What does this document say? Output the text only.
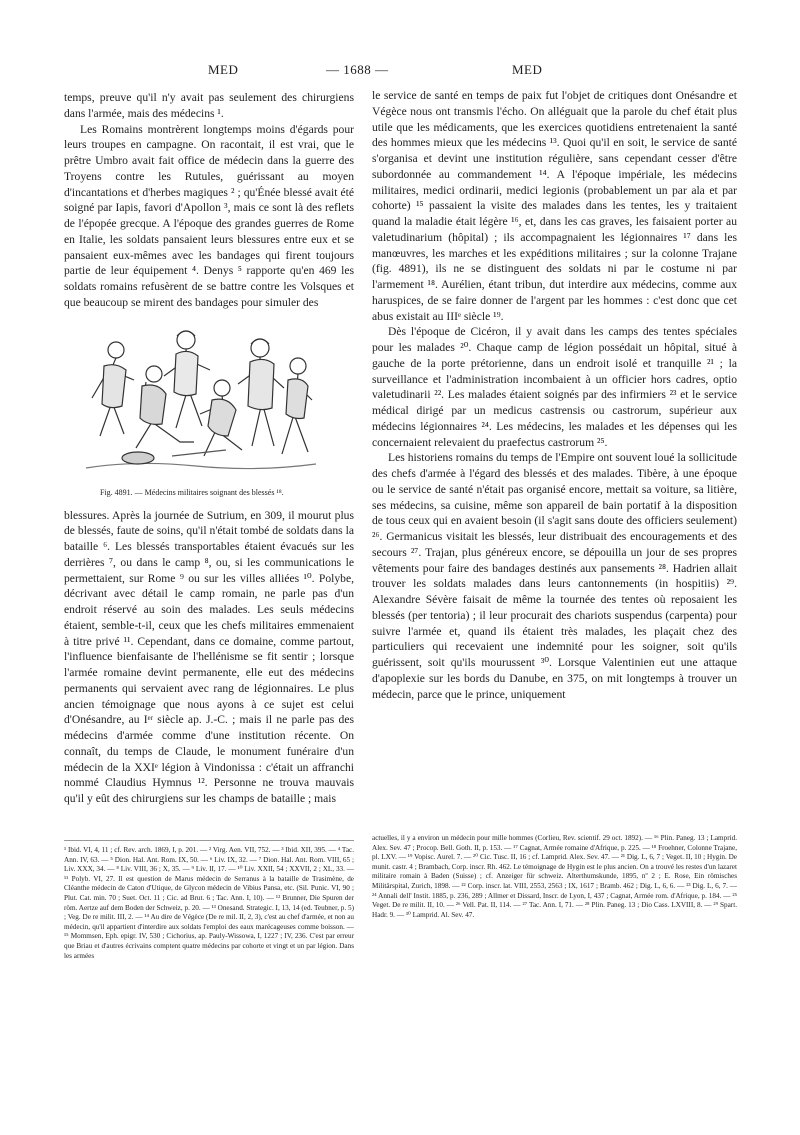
MED	— 1688 —	MED

temps, preuve qu'il n'y avait pas seulement des chirurgiens dans l'armée, mais des médecins ¹.

Les Romains montrèrent longtemps moins d'égards pour leurs troupes en campagne. On racontait, il est vrai, que le prêtre Umbro avait fait office de médecin dans la guerre des Troyens contre les Rutules, guérissant au moyen d'incantations et d'herbes magiques ² ; qu'Énée blessé avait été soigné par Iapis, favori d'Apollon ³, mais ce sont là des reflets de l'épopée grecque. A l'époque des grandes guerres de Rome en Italie, les soldats pansaient leurs blessures entre eux et se pansaient eux-mêmes avec les bandages qui firent toujours partie de leur équipement ⁴. Denys ⁵ rapporte qu'en 469 les soldats romains refusèrent de se battre contre les Volsques et que beaucoup se mirent des bandages pour simuler des

Fig. 4891. — Médecins militaires soignant des blessés ¹⁸.

blessures. Après la journée de Sutrium, en 309, il mourut plus de blessés, faute de soins, qu'il n'était tombé de soldats dans la bataille ⁶. Les blessés transportables étaient évacués sur les derrières ⁷, ou dans le camp ⁸, ou, si les communications le permettaient, sur Rome ⁹ ou sur les villes alliées ¹⁰. Polybe, décrivant avec détail le camp romain, ne parle pas d'un endroit réservé au soin des malades. Les seuls médecins étaient, semble-t-il, ceux que les chefs militaires emmenaient à titre privé ¹¹. Cependant, dans ce domaine, comme partout, l'influence bienfaisante de l'hellénisme se fit sentir ; lorsque l'armée romaine devint permanente, elle eut des médecins permanents qui servaient avec rang de légionnaires. Le plus ancien témoignage que nous ayons à ce sujet est celui d'Onésandre, au Iᵉʳ siècle ap. J.-C. ; mais il ne parle pas des médecins d'armée comme d'une institution récente. On connaît, du temps de Claude, le monument funéraire d'un médecin de la XXIᵉ légion à Vindonissa : c'était un affranchi nommé Claudius Hymnus ¹². Personne ne trouva mauvais qu'il y eût des chirurgiens sur les champs de bataille ; mais

le service de santé en temps de paix fut l'objet de critiques dont Onésandre et Végèce nous ont transmis l'écho. On alléguait que la parole du chef était plus utile que les médicaments, que les exercices quotidiens entretenaient la santé des hommes mieux que les médecins ¹³. Quoi qu'il en soit, le service de santé s'organisa et devint une institution régulière, sans cependant cesser d'être subordonnée au commandement ¹⁴. A l'époque impériale, les médecins militaires, medici ordinarii, medici legionis (probablement un par ala et par cohorte) ¹⁵ passaient la visite des malades dans les tentes, les y traitaient quand la maladie était légère ¹⁶, et, dans les cas graves, les faisaient porter au valetudinarium (hôpital) ; ils accompagnaient les légionnaires ¹⁷ dans les manœuvres, les marches et les expéditions militaires ; sur la colonne Trajane (fig. 4891), ils ne se distinguent des soldats ni par le costume ni par l'armement ¹⁸. Aurélien, étant tribun, dut interdire aux médecins, comme aux haruspices, de se faire donner de l'argent par les hommes : c'est donc que cet abus existait au IIIᵉ siècle ¹⁹.

Dès l'époque de Cicéron, il y avait dans les camps des tentes spéciales pour les malades ²⁰. Chaque camp de légion possédait un hôpital, situé à gauche de la porte prétorienne, dans un endroit isolé et tranquille ²¹ ; la surveillance et l'administration incombaient à un officier hors cadres, optio valetudinarii ²². Les malades étaient soignés par des infirmiers ²³ et le service médical dirigé par un medicus castrensis ou castrorum, supérieur aux médecins légionnaires ²⁴. Les médecins, les malades et les dépenses qui les concernaient relevaient du praefectus castrorum ²⁵.

Les historiens romains du temps de l'Empire ont souvent loué la sollicitude des chefs d'armée à l'égard des blessés et des malades. Tibère, à une époque ou le service de santé n'était pas organisé encore, mettait sa voiture, sa litière, ses médecins, sa cuisine, même son appareil de bain portatif à la disposition de tous ceux qui en avaient besoin (il s'agit sans doute des officiers seulement) ²⁶. Germanicus visitait les blessés, leur distribuait des encouragements et des secours ²⁷. Trajan, plus généreux encore, se dépouilla un jour de ses propres vêtements pour faire des bandages destinés aux pansements ²⁸. Hadrien allait trouver les soldats malades dans leurs cantonnements (in hospitiis) ²⁹. Alexandre Sévère faisait de même la tournée des tentes où reposaient les blessés (per tentoria) ; il leur procurait des chariots suspendus (carpenta) pour suivre l'armée et, quand ils étaient très malades, les plaçait chez des particuliers qui recevaient une indemnité pour les soigner, soit qu'ils guérissent, soit qu'ils mourussent ³⁰. Lorsque Valentinien eut une attaque d'apoplexie sur les bords du Danube, en 375, on mit longtemps à trouver un médecin, parce que le prince, uniquement

¹ Ibid. VI, 4, 11 ; cf. Rev. arch. 1869, I, p. 201. — ² Virg. Aen. VII, 752. — ³ Ibid. XII, 395. — ⁴ Tac. Ann. IV, 63. — ⁵ Dion. Hal. Ant. Rom. IX, 50. — ⁶ Liv. IX, 32. — ⁷ Dion. Hal. Ant. Rom. VIII, 65 ; Liv. XXX, 34. — ⁸ Liv. VIII, 36 ; X, 35. — ⁹ Liv. II, 17. — ¹⁰ Liv. XXII, 54 ; XXVII, 2 ; XL, 33. — ¹¹ Polyb. VI, 27. Il est question de Marus médecin de Serranus à la bataille de Trasimène, de Cléanthe médecin de Caton d'Utique, de Glycon médecin de Vibius Pansa, etc. (Sil. Punic. VI, 90 ; Plut. Cat. min. 70 ; Suet. Oct. 11 ; Cic. ad Brut. 6 ; Tac. Ann. I, 10). — ¹² Brunner, Die Spuren der röm. Aertze auf dem Boden der Schweiz, p. 20. — ¹³ Onesand. Strategic. I, 13, 14 (ed. Teubner, p. 5) ; Veg. De re milit. III, 2. — ¹⁴ Au dire de Végèce (De re mil. II, 2, 3), c'est au chef d'armée, et non au médecin, qu'il appartient d'interdire aux soldats l'emploi des eaux marécageuses comme boisson. — ¹⁵ Mommsen, Eph. epigr. IV, 530 ; Cichorius, ap. Pauly-Wissowa, I, 1227 ; IV, 236. C'est par erreur que Briau et d'autres écrivains comptent quatre médecins par cohorte et vingt et un par légion. Dans les armées

actuelles, il y a environ un médecin pour mille hommes (Corlieu, Rev. scientif. 29 oct. 1892). — ¹⁶ Plin. Paneg. 13 ; Lamprid. Alex. Sev. 47 ; Procop. Bell. Goth. II, p. 153. — ¹⁷ Cagnat, Armée romaine d'Afrique, p. 225. — ¹⁸ Froehner, Colonne Trajane, pl. LXV. — ¹⁹ Vopisc. Aurel. 7. — ²⁰ Cic. Tusc. II, 16 ; cf. Lamprid. Alex. Sev. 47. — ²¹ Dig. L, 6, 7 ; Veget. II, 10 ; Hygin. De munit. castr. 4 ; Brambach, Corp. inscr. Rh. 462. Le témoignage de Hygin est le plus ancien. On a trouvé les restes d'un lazaret militaire romain à Baden (Suisse) ; cf. Anzeiger für schweiz. Alterthumskunde, 1895, nº 2 ; E. Rose, Ein römisches Militärspital, Zurich, 1898. — ²² Corp. inscr. lat. VIII, 2553, 2563 ; IX, 1617 ; Bramb. 462 ; Dig. L, 6, 6. — ²³ Dig. L, 6, 7. — ²⁴ Annali dell' Instit. 1885, p. 236, 289 ; Allmer et Dissard, Inscr. de Lyon, I, 437 ; Cagnat, Armée rom. d'Afrique, p. 184. — ²⁵ Veget. De re milit. II, 10. — ²⁶ Vell. Pat. II, 114. — ²⁷ Tac. Ann. I, 71. — ²⁸ Plin. Paneg. 13 ; Dio Cass. LXVIII, 8. — ²⁹ Spart. Hadr. 9. — ³⁰ Lamprid. Al. Sev. 47.
